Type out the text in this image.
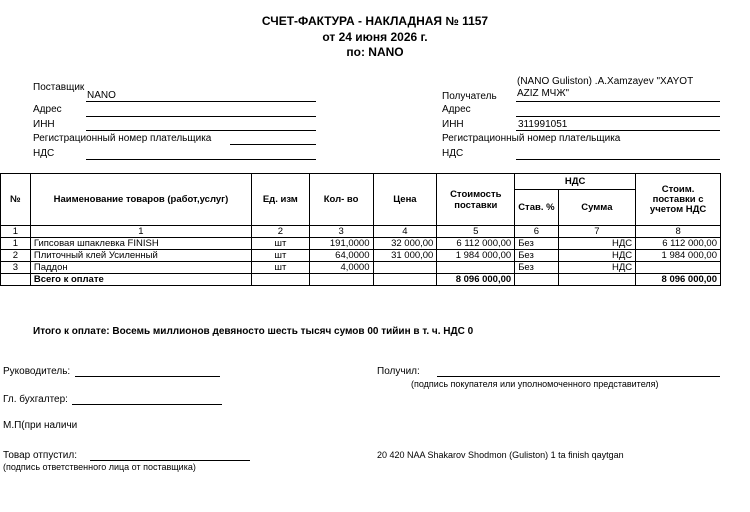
СЧЕТ-ФАКТУРА - НАКЛАДНАЯ № 1157
от 24 июня 2026 г.
по: NANO
Поставщик
NANO
Адрес
ИНН
Регистрационный номер плательщика
НДС
(NANO Guliston) .A.Xamzayev "XAYOT
AZIZ МЧЖ"
Получатель
Адрес
ИНН	311991051
Регистрационный номер плательщика
НДС
№	Наименование товаров (работ,услуг)	Ед. изм	Кол- во	Цена	Стоимость поставки	НДС		Стоим. поставки с учетом НДС
						Став. %	Сумма	
1	1	2	3	4	5	6	7	8
1	Гипсовая шпаклевка FINISH	шт	191,0000	32 000,00	6 112 000,00	Без	НДС	6 112 000,00
2	Плиточный клей Усиленный	шт	64,0000	31 000,00	1 984 000,00	Без	НДС	1 984 000,00
3	Паддон	шт	4,0000			Без	НДС	
	Всего к оплате				8 096 000,00			8 096 000,00
Итого к оплате: Восемь миллионов девяносто шесть тысяч сумов 00 тийин в т. ч. НДС 0
Руководитель:
Гл. бухгалтер:
М.П(при наличи
Товар отпустил:
(подпись ответственного лица от поставщика)
Получил:
(подпись покупателя или уполномоченного представителя)
20 420 NAA Shakarov Shodmon (Guliston) 1 ta finish qaytgan
